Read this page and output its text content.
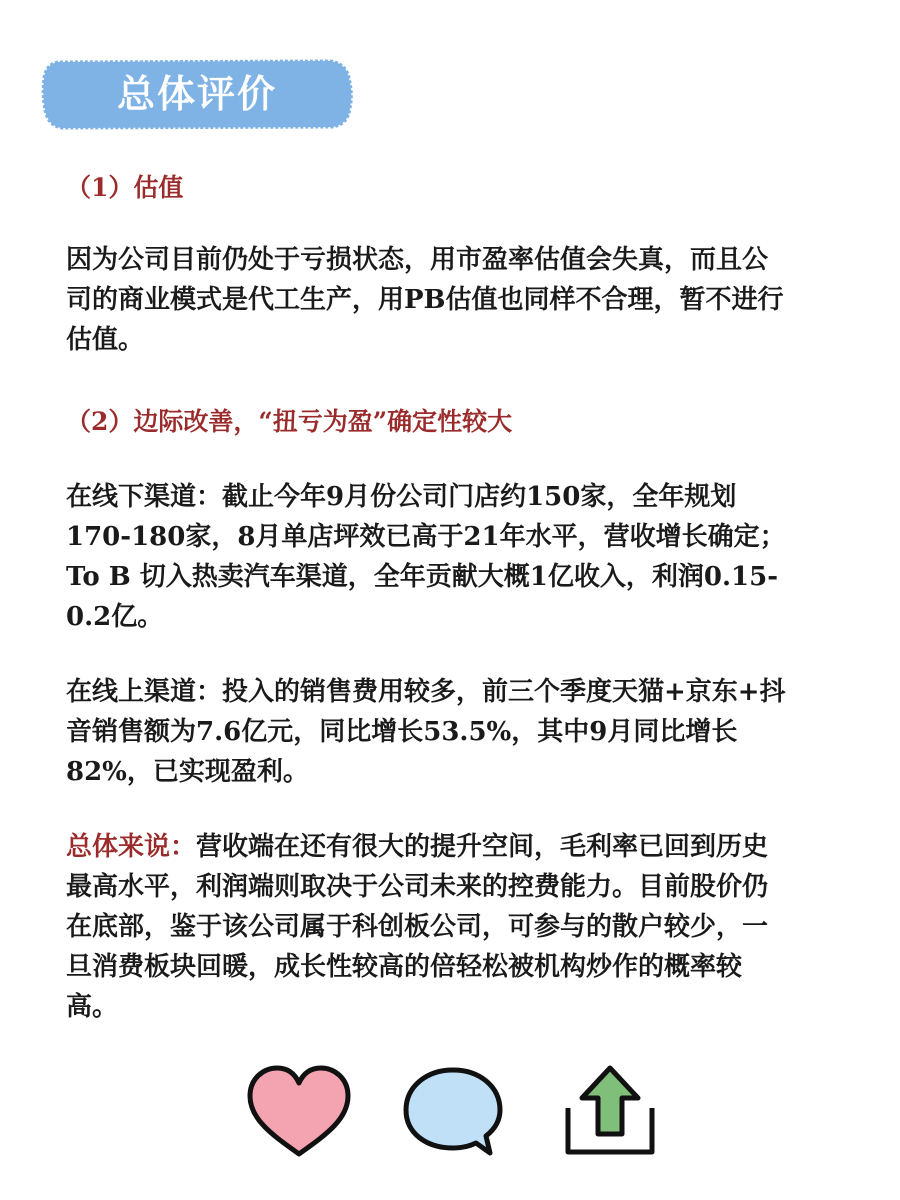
总体评价
（1）估值
因为公司目前仍处于亏损状态，用市盈率估值会失真，而且公
司的商业模式是代工生产，用PB估值也同样不合理，暂不进行
估值。
（2）边际改善，“扭亏为盈”确定性较大
在线下渠道：截止今年9月份公司门店约150家，全年规划
170-180家，8月单店坪效已高于21年水平，营收增长确定；
To B 切入热卖汽车渠道，全年贡献大概1亿收入，利润0.15-
0.2亿。
在线上渠道：投入的销售费用较多，前三个季度天猫+京东+抖
音销售额为7.6亿元，同比增长53.5%，其中9月同比增长
82%，已实现盈利。
总体来说：营收端在还有很大的提升空间，毛利率已回到历史
最高水平，利润端则取决于公司未来的控费能力。目前股价仍
在底部，鉴于该公司属于科创板公司，可参与的散户较少，一
旦消费板块回暖，成长性较高的倍轻松被机构炒作的概率较
高。
